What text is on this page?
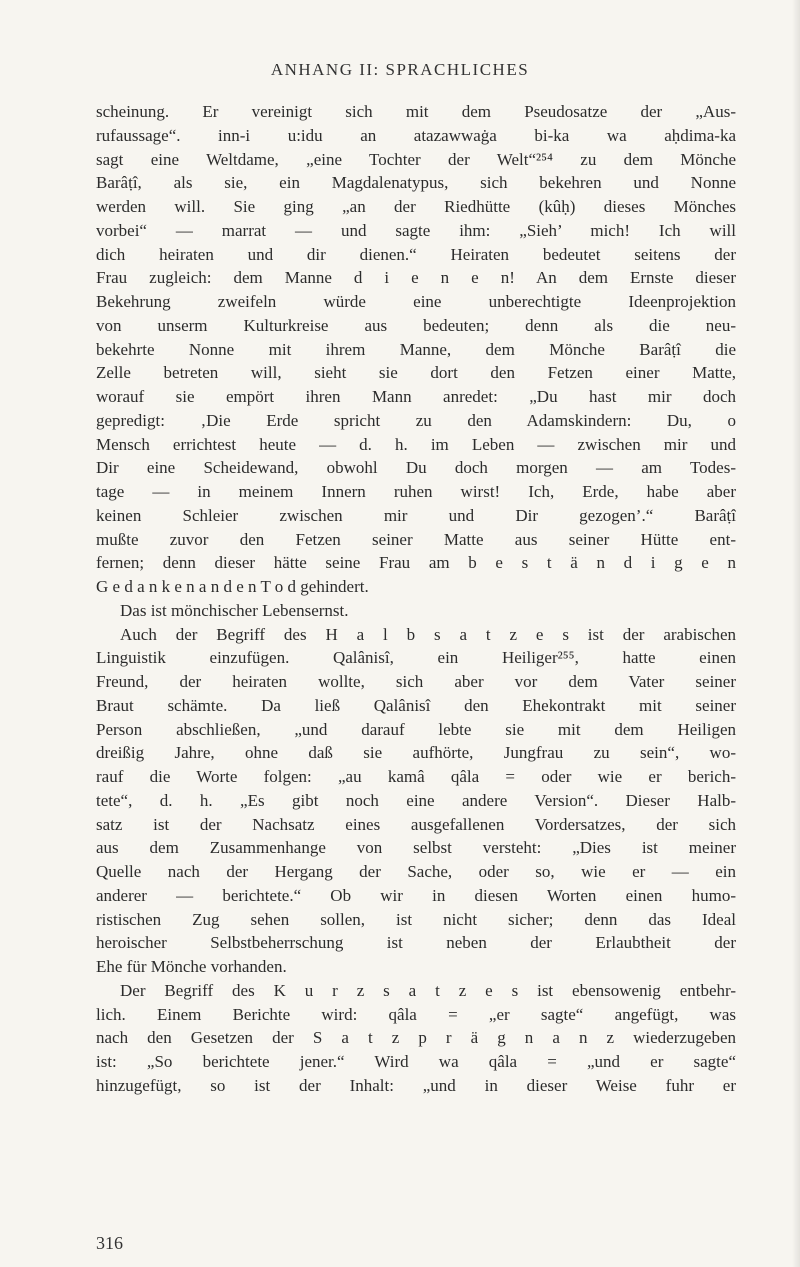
ANHANG II: SPRACHLICHES
scheinung. Er vereinigt sich mit dem Pseudosatze der „Aus-
rufaussage“. inn-i u:idu an atazawwaġa bi-ka wa aḥdima-ka
sagt eine Weltdame, „eine Tochter der Welt“²⁵⁴ zu dem Mönche
Barâṭî, als sie, ein Magdalenatypus, sich bekehren und Nonne
werden will. Sie ging „an der Riedhütte (kûḥ) dieses Mönches
vorbei“ — marrat — und sagte ihm: „Sieh’ mich! Ich will
dich heiraten und dir dienen.“ Heiraten bedeutet seitens der
Frau zugleich: dem Manne d i e n e n! An dem Ernste dieser
Bekehrung zweifeln würde eine unberechtigte Ideenprojektion
von unserm Kulturkreise aus bedeuten; denn als die neu-
bekehrte Nonne mit ihrem Manne, dem Mönche Barâṭî die
Zelle betreten will, sieht sie dort den Fetzen einer Matte,
worauf sie empört ihren Mann anredet: „Du hast mir doch
gepredigt: ‚Die Erde spricht zu den Adamskindern: Du, o
Mensch errichtest heute — d. h. im Leben — zwischen mir und
Dir eine Scheidewand, obwohl Du doch morgen — am Todes-
tage — in meinem Innern ruhen wirst! Ich, Erde, habe aber
keinen Schleier zwischen mir und Dir gezogen’.“ Barâṭî
mußte zuvor den Fetzen seiner Matte aus seiner Hütte ent-
fernen; denn dieser hätte seine Frau am b e s t ä n d i g e n
G e d a n k e n a n d e n T o d gehindert.
Das ist mönchischer Lebensernst.
Auch der Begriff des H a l b s a t z e s ist der arabischen
Linguistik einzufügen. Qalânisî, ein Heiliger²⁵⁵, hatte einen
Freund, der heiraten wollte, sich aber vor dem Vater seiner
Braut schämte. Da ließ Qalânisî den Ehekontrakt mit seiner
Person abschließen, „und darauf lebte sie mit dem Heiligen
dreißig Jahre, ohne daß sie aufhörte, Jungfrau zu sein“, wo-
rauf die Worte folgen: „au kamâ qâla = oder wie er berich-
tete“, d. h. „Es gibt noch eine andere Version“. Dieser Halb-
satz ist der Nachsatz eines ausgefallenen Vordersatzes, der sich
aus dem Zusammenhange von selbst versteht: „Dies ist meiner
Quelle nach der Hergang der Sache, oder so, wie er — ein
anderer — berichtete.“ Ob wir in diesen Worten einen humo-
ristischen Zug sehen sollen, ist nicht sicher; denn das Ideal
heroischer Selbstbeherrschung ist neben der Erlaubtheit der
Ehe für Mönche vorhanden.
Der Begriff des K u r z s a t z e s ist ebensowenig entbehr-
lich. Einem Berichte wird: qâla = „er sagte“ angefügt, was
nach den Gesetzen der S a t z p r ä g n a n z wiederzugeben
ist: „So berichtete jener.“ Wird wa qâla = „und er sagte“
hinzugefügt, so ist der Inhalt: „und in dieser Weise fuhr er
316
